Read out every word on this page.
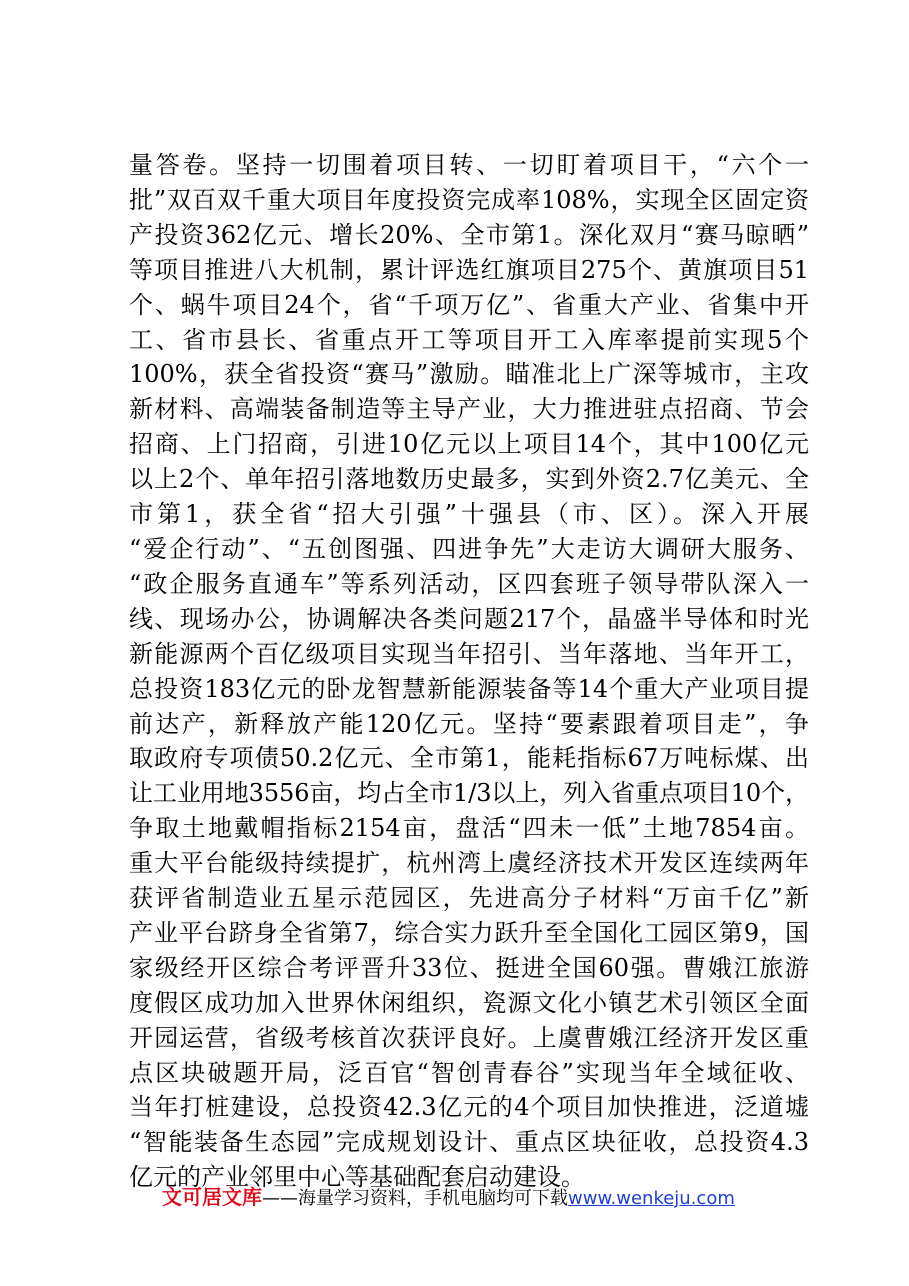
量答卷。坚持一切围着项目转、一切盯着项目干，“六个一
批”双百双千重大项目年度投资完成率108%，实现全区固定资
产投资362亿元、增长20%、全市第1。深化双月“赛马晾晒”
等项目推进八大机制，累计评选红旗项目275个、黄旗项目51
个、蜗牛项目24个，省“千项万亿”、省重大产业、省集中开
工、省市县长、省重点开工等项目开工入库率提前实现5个
100%，获全省投资“赛马”激励。瞄准北上广深等城市，主攻
新材料、高端装备制造等主导产业，大力推进驻点招商、节会
招商、上门招商，引进10亿元以上项目14个，其中100亿元
以上2个、单年招引落地数历史最多，实到外资2.7亿美元、全
市第1，获全省“招大引强”十强县（市、区）。深入开展
“爱企行动”、“五创图强、四进争先”大走访大调研大服务、
“政企服务直通车”等系列活动，区四套班子领导带队深入一
线、现场办公，协调解决各类问题217个，晶盛半导体和时光
新能源两个百亿级项目实现当年招引、当年落地、当年开工，
总投资183亿元的卧龙智慧新能源装备等14个重大产业项目提
前达产，新释放产能120亿元。坚持“要素跟着项目走”，争
取政府专项债50.2亿元、全市第1，能耗指标67万吨标煤、出
让工业用地3556亩，均占全市1/3以上，列入省重点项目10个，
争取土地戴帽指标2154亩，盘活“四未一低”土地7854亩。
重大平台能级持续提扩，杭州湾上虞经济技术开发区连续两年
获评省制造业五星示范园区，先进高分子材料“万亩千亿”新
产业平台跻身全省第7，综合实力跃升至全国化工园区第9，国
家级经开区综合考评晋升33位、挺进全国60强。曹娥江旅游
度假区成功加入世界休闲组织，瓷源文化小镇艺术引领区全面
开园运营，省级考核首次获评良好。上虞曹娥江经济开发区重
点区块破题开局，泛百官“智创青春谷”实现当年全域征收、
当年打桩建设，总投资42.3亿元的4个项目加快推进，泛道墟
“智能装备生态园”完成规划设计、重点区块征收，总投资4.3
亿元的产业邻里中心等基础配套启动建设。
文可居文库——海量学习资料，手机电脑均可下载www.wenkeju.com
